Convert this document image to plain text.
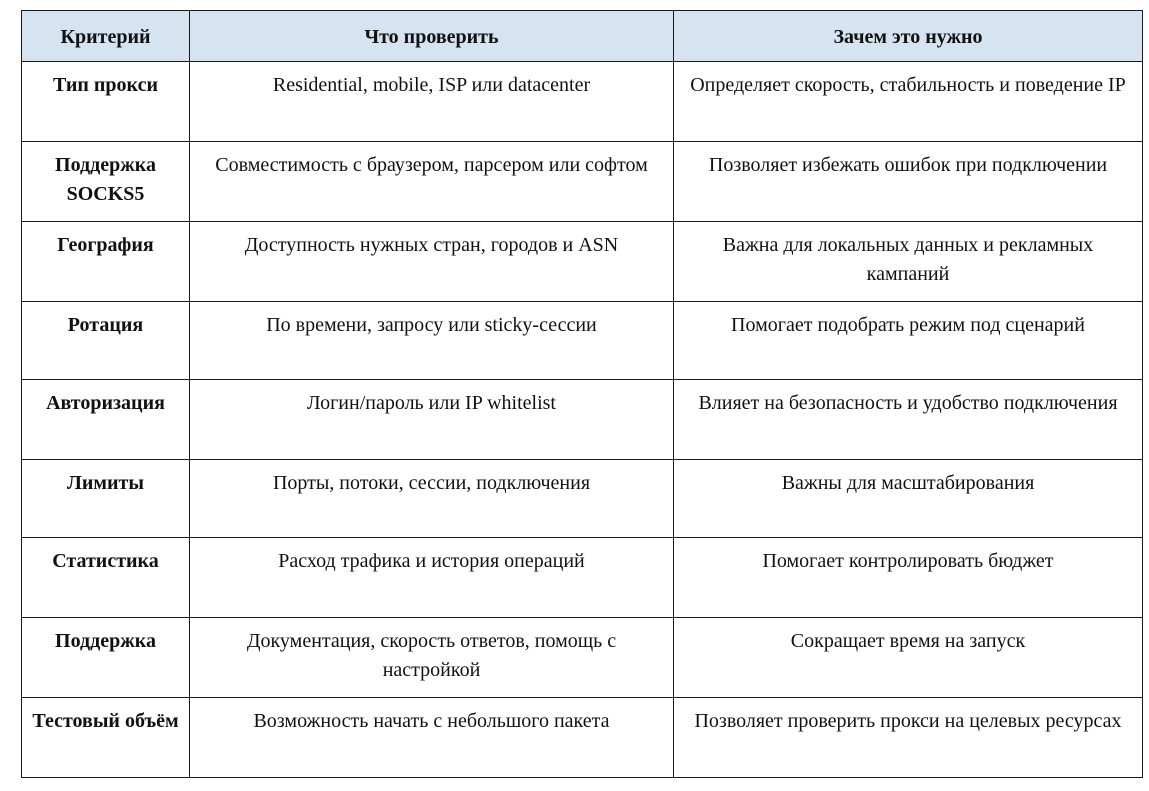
Критерий	Что проверить	Зачем это нужно
Тип прокси	Residential, mobile, ISP или datacenter	Определяет скорость, стабильность и поведение IP
Поддержка SOCKS5	Совместимость с браузером, парсером или софтом	Позволяет избежать ошибок при подключении
География	Доступность нужных стран, городов и ASN	Важна для локальных данных и рекламных кампаний
Ротация	По времени, запросу или sticky-сессии	Помогает подобрать режим под сценарий
Авторизация	Логин/пароль или IP whitelist	Влияет на безопасность и удобство подключения
Лимиты	Порты, потоки, сессии, подключения	Важны для масштабирования
Статистика	Расход трафика и история операций	Помогает контролировать бюджет
Поддержка	Документация, скорость ответов, помощь с настройкой	Сокращает время на запуск
Тестовый объём	Возможность начать с небольшого пакета	Позволяет проверить прокси на целевых ресурсах
